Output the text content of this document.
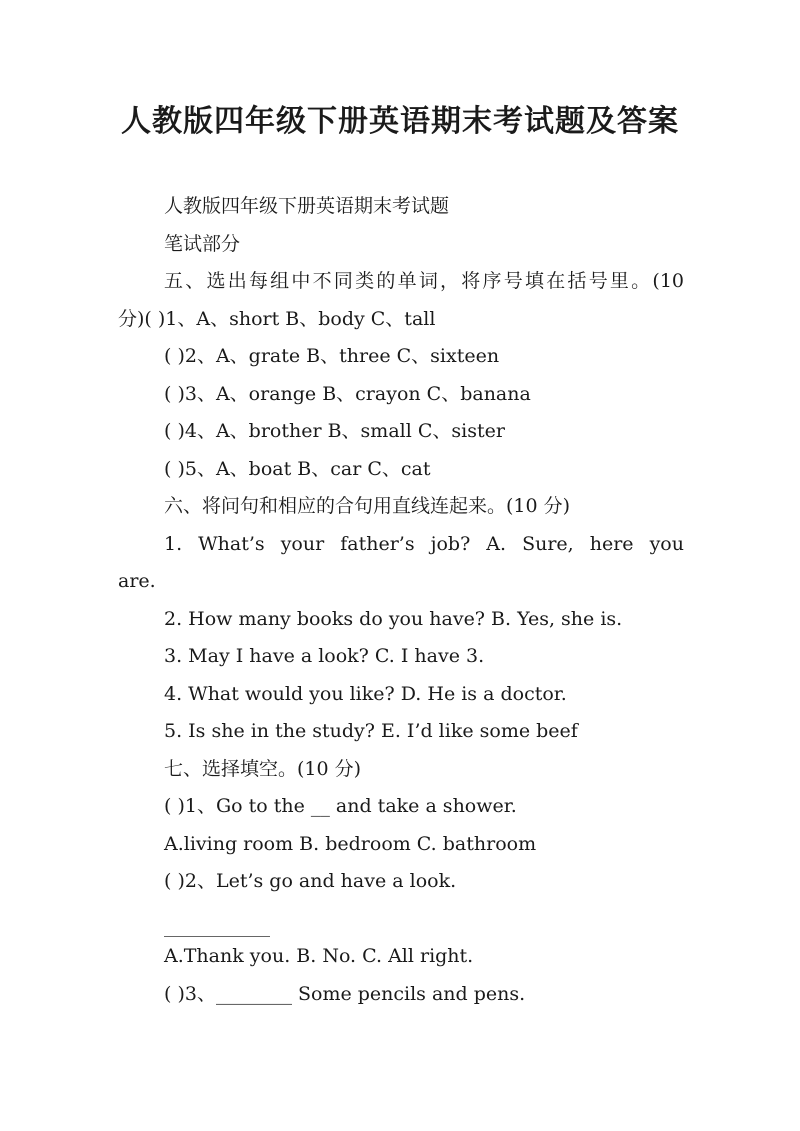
人教版四年级下册英语期末考试题及答案
人教版四年级下册英语期末考试题
笔试部分
五、选出每组中不同类的单词，将序号填在括号里。(10
分)( )1、A、short B、body C、tall
( )2、A、grate B、three C、sixteen
( )3、A、orange B、crayon C、banana
( )4、A、brother B、small C、sister
( )5、A、boat B、car C、cat
六、将问句和相应的合句用直线连起来。(10 分)
1. What’s your father’s job? A. Sure, here you
are.
2. How many books do you have? B. Yes, she is.
3. May I have a look? C. I have 3.
4. What would you like? D. He is a doctor.
5. Is she in the study? E. I’d like some beef
七、选择填空。(10 分)
( )1、Go to the __ and take a shower.
A.living room B. bedroom C. bathroom
( )2、Let’s go and have a look.
A.Thank you. B. No. C. All right.
( )3、________ Some pencils and pens.
